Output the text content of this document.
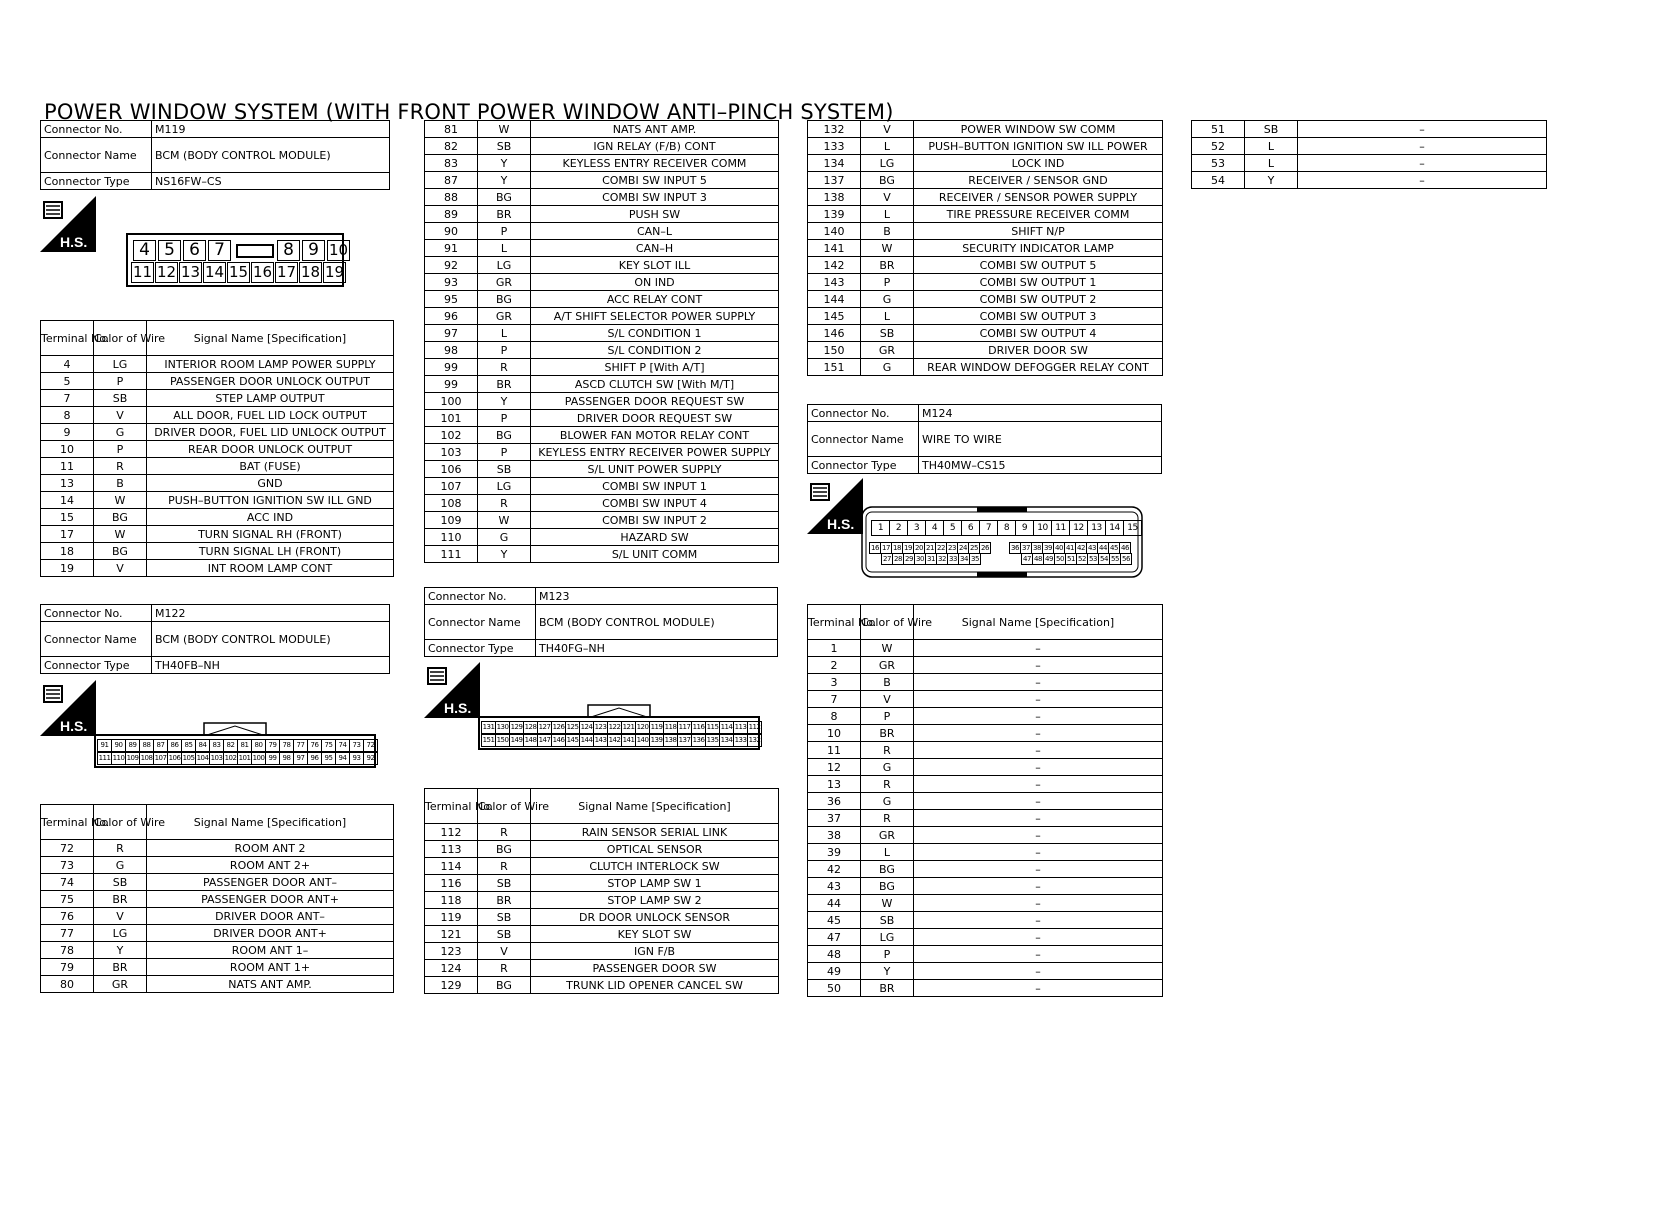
POWER WINDOW SYSTEM (WITH FRONT POWER WINDOW ANTI–PINCH SYSTEM)
Connector No.	M119
Connector Name	BCM (BODY CONTROL MODULE)
Connector Type	NS16FW–CS
H.S.	4 5 6 7	8 9 10
11 12 13 14 15 16 17 18 19
Terminal No.	Color of Wire	Signal Name [Specification]
4	LG	INTERIOR ROOM LAMP POWER SUPPLY
5	P	PASSENGER DOOR UNLOCK OUTPUT
7	SB	STEP LAMP OUTPUT
8	V	ALL DOOR, FUEL LID LOCK OUTPUT
9	G	DRIVER DOOR, FUEL LID UNLOCK OUTPUT
10	P	REAR DOOR UNLOCK OUTPUT
11	R	BAT (FUSE)
13	B	GND
14	W	PUSH–BUTTON IGNITION SW ILL GND
15	BG	ACC IND
17	W	TURN SIGNAL RH (FRONT)
18	BG	TURN SIGNAL LH (FRONT)
19	V	INT ROOM LAMP CONT
Connector No.	M122
Connector Name	BCM (BODY CONTROL MODULE)
Connector Type	TH40FB–NH
H.S.
91 90 89 88 87 86 85 84 83 82 81 80 79 78 77 76 75 74 73 72
111 110 109 108 107 106 105 104 103 102 101 100 99 98 97 96 95 94 93 92
Terminal No.	Color of Wire	Signal Name [Specification]
72	R	ROOM ANT 2
73	G	ROOM ANT 2+
74	SB	PASSENGER DOOR ANT–
75	BR	PASSENGER DOOR ANT+
76	V	DRIVER DOOR ANT–
77	LG	DRIVER DOOR ANT+
78	Y	ROOM ANT 1–
79	BR	ROOM ANT 1+
80	GR	NATS ANT AMP.
81	W	NATS ANT AMP.
82	SB	IGN RELAY (F/B) CONT
83	Y	KEYLESS ENTRY RECEIVER COMM
87	Y	COMBI SW INPUT 5
88	BG	COMBI SW INPUT 3
89	BR	PUSH SW
90	P	CAN–L
91	L	CAN–H
92	LG	KEY SLOT ILL
93	GR	ON IND
95	BG	ACC RELAY CONT
96	GR	A/T SHIFT SELECTOR POWER SUPPLY
97	L	S/L CONDITION 1
98	P	S/L CONDITION 2
99	R	SHIFT P [With A/T]
99	BR	ASCD CLUTCH SW [With M/T]
100	Y	PASSENGER DOOR REQUEST SW
101	P	DRIVER DOOR REQUEST SW
102	BG	BLOWER FAN MOTOR RELAY CONT
103	P	KEYLESS ENTRY RECEIVER POWER SUPPLY
106	SB	S/L UNIT POWER SUPPLY
107	LG	COMBI SW INPUT 1
108	R	COMBI SW INPUT 4
109	W	COMBI SW INPUT 2
110	G	HAZARD SW
111	Y	S/L UNIT COMM
Connector No.	M123
Connector Name	BCM (BODY CONTROL MODULE)
Connector Type	TH40FG–NH
H.S.
131 130 129 128 127 126 125 124 123 122 121 120 119 118 117 116 115 114 113 112
151 150 149 148 147 146 145 144 143 142 141 140 139 138 137 136 135 134 133 132
Terminal No.	Color of Wire	Signal Name [Specification]
112	R	RAIN SENSOR SERIAL LINK
113	BG	OPTICAL SENSOR
114	R	CLUTCH INTERLOCK SW
116	SB	STOP LAMP SW 1
118	BR	STOP LAMP SW 2
119	SB	DR DOOR UNLOCK SENSOR
121	SB	KEY SLOT SW
123	V	IGN F/B
124	R	PASSENGER DOOR SW
129	BG	TRUNK LID OPENER CANCEL SW
132	V	POWER WINDOW SW COMM
133	L	PUSH–BUTTON IGNITION SW ILL POWER
134	LG	LOCK IND
137	BG	RECEIVER / SENSOR GND
138	V	RECEIVER / SENSOR POWER SUPPLY
139	L	TIRE PRESSURE RECEIVER COMM
140	B	SHIFT N/P
141	W	SECURITY INDICATOR LAMP
142	BR	COMBI SW OUTPUT 5
143	P	COMBI SW OUTPUT 1
144	G	COMBI SW OUTPUT 2
145	L	COMBI SW OUTPUT 3
146	SB	COMBI SW OUTPUT 4
150	GR	DRIVER DOOR SW
151	G	REAR WINDOW DEFOGGER RELAY CONT
Connector No.	M124
Connector Name	WIRE TO WIRE
Connector Type	TH40MW–CS15
H.S.	1	2	3	4	5	6	7	8	9	10 11 12 13 14 15
16 17 18 19 20 21 22 23 24 25 26	36 37 38 39 40 41 42 43 44 45 46
27 28 29 30 31 32 33 34 35	47 48 49 50 51 52 53 54 55 56
Terminal No.	Color of Wire	Signal Name [Specification]
1	W	–
2	GR	–
3	B	–
7	V	–
8	P	–
10	BR	–
11	R	–
12	G	–
13	R	–
36	G	–
37	R	–
38	GR	–
39	L	–
42	BG	–
43	BG	–
44	W	–
45	SB	–
47	LG	–
48	P	–
49	Y	–
50	BR	–
51	SB	–
52	L	–
53	L	–
54	Y	–
